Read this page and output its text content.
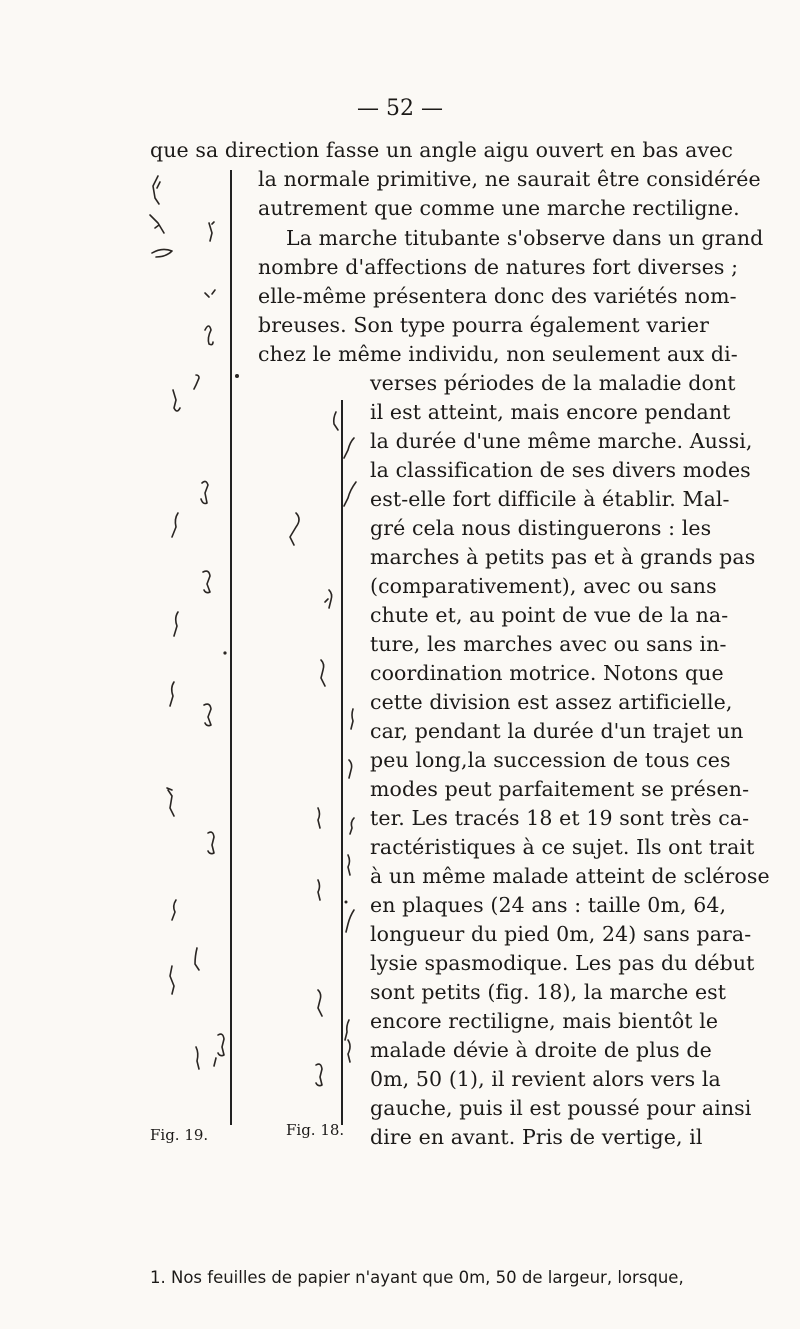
— 52 —
que sa direction fasse un angle aigu ouvert en bas avec
la normale primitive, ne saurait être considérée
autrement que comme une marche rectiligne.
La marche titubante s'observe dans un grand
nombre d'affections de natures fort diverses ;
elle-même présentera donc des variétés nom-
breuses. Son type pourra également varier
chez le même individu, non seulement aux di-
verses périodes de la maladie dont
il est atteint, mais encore pendant
la durée d'une même marche. Aussi,
la classification de ses divers modes
est-elle fort difficile à établir. Mal-
gré cela nous distinguerons : les
marches à petits pas et à grands pas
(comparativement), avec ou sans
chute et, au point de vue de la na-
ture, les marches avec ou sans in-
coordination motrice. Notons que
cette division est assez artificielle,
car, pendant la durée d'un trajet un
peu long,la succession de tous ces
modes peut parfaitement se présen-
ter. Les tracés 18 et 19 sont très ca-
ractéristiques à ce sujet. Ils ont trait
à un même malade atteint de sclérose
en plaques (24 ans : taille 0m, 64,
longueur du pied 0m, 24) sans para-
lysie spasmodique. Les pas du début
sont petits (fig. 18), la marche est
encore rectiligne, mais bientôt le
malade dévie à droite de plus de
0m, 50 (1), il revient alors vers la
gauche, puis il est poussé pour ainsi
dire en avant. Pris de vertige, il
Fig. 19.	Fig. 18.
1. Nos feuilles de papier n'ayant que 0m, 50 de largeur, lorsque,
